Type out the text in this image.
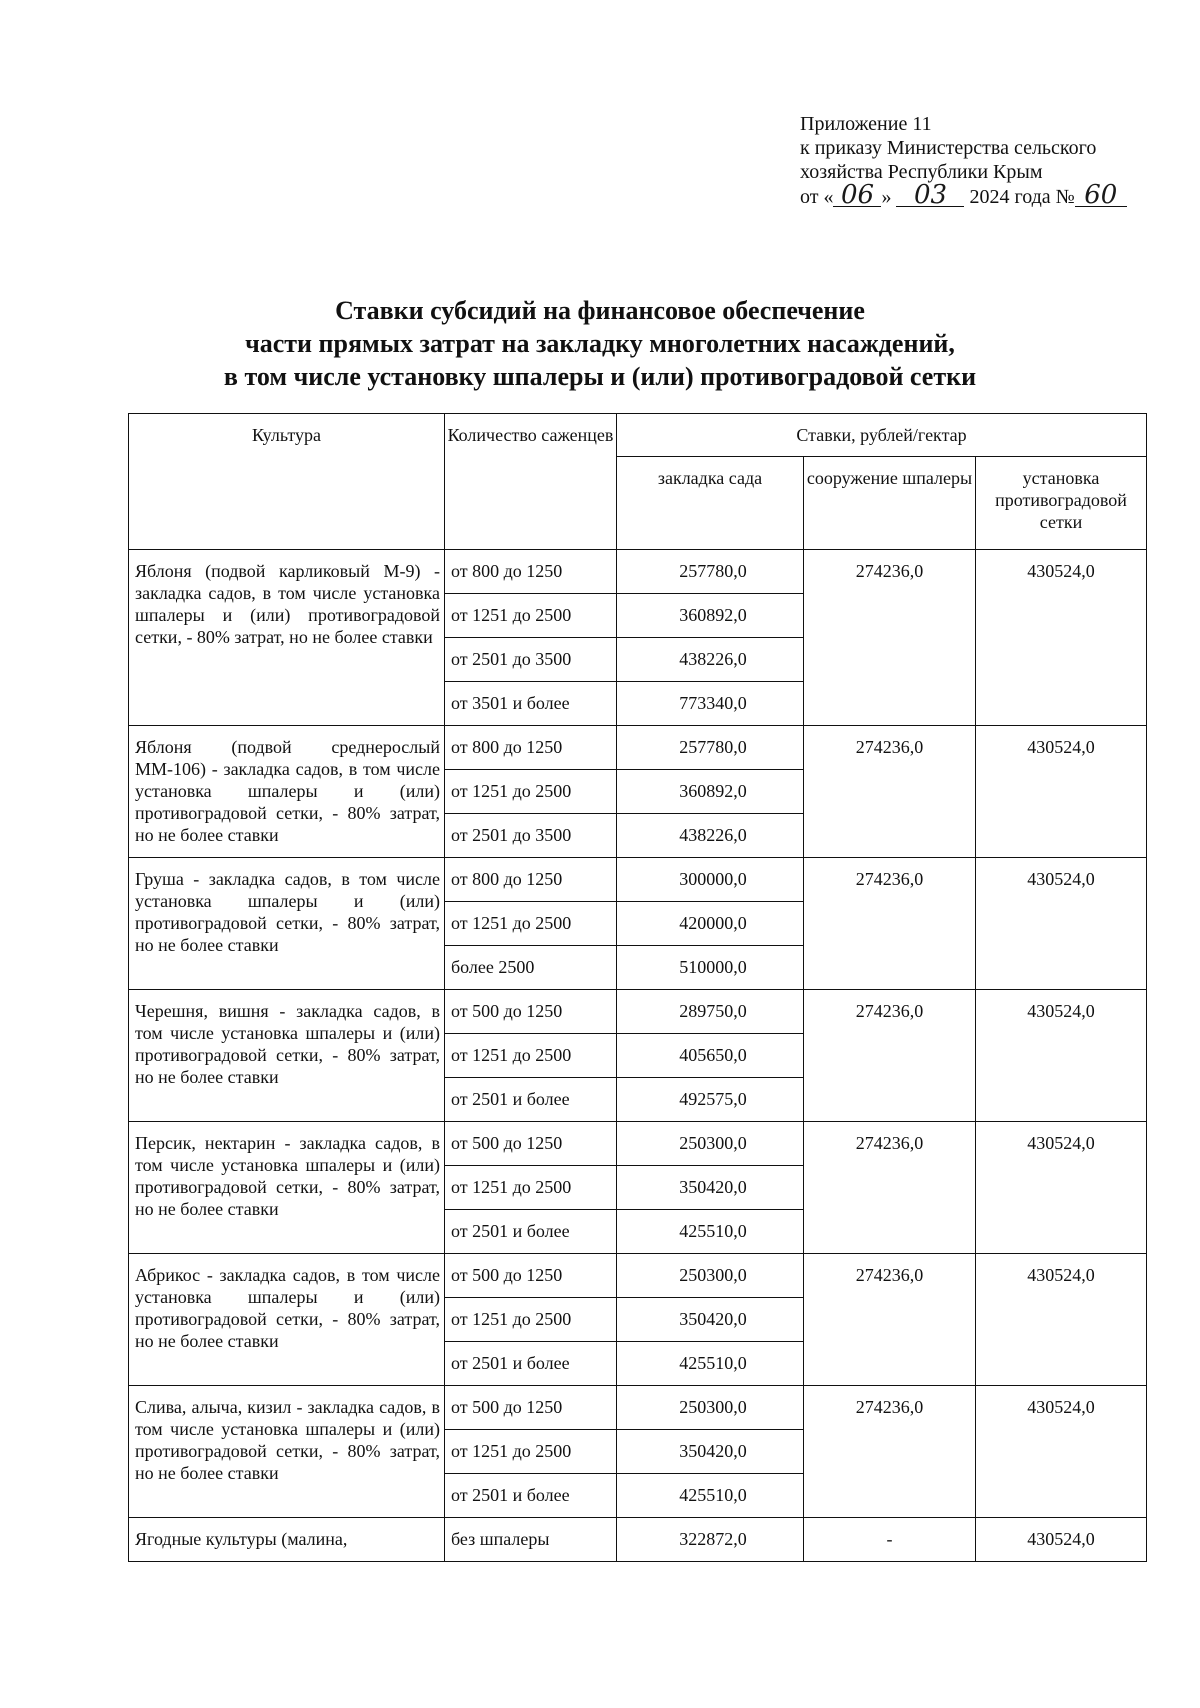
Приложение 11
к приказу Министерства сельского
хозяйства Республики Крым
от « 06 » 03 2024 года № 60
Ставки субсидий на финансовое обеспечение
части прямых затрат на закладку многолетних насаждений,
в том числе установку шпалеры и (или) противоградовой сетки
Культура	Количество саженцев	Ставки, рублей/гектар		
		закладка сада	сооружение шпалеры	установка противоградовой сетки
Яблоня (подвой карликовый М-9) - закладка садов, в том числе установка шпалеры и (или) противоградовой сетки, - 80% затрат, но не более ставки	от 800 до 1250	257780,0	274236,0	430524,0
	от 1251 до 2500	360892,0		
	от 2501 до 3500	438226,0		
	от 3501 и более	773340,0		
Яблоня (подвой среднерослый ММ-106) - закладка садов, в том числе установка шпалеры и (или) противоградовой сетки, - 80% затрат, но не более ставки	от 800 до 1250	257780,0	274236,0	430524,0
	от 1251 до 2500	360892,0		
	от 2501 до 3500	438226,0		
Груша - закладка садов, в том числе установка шпалеры и (или) противоградовой сетки, - 80% затрат, но не более ставки	от 800 до 1250	300000,0	274236,0	430524,0
	от 1251 до 2500	420000,0		
	более 2500	510000,0		
Черешня, вишня - закладка садов, в том числе установка шпалеры и (или) противоградовой сетки, - 80% затрат, но не более ставки	от 500 до 1250	289750,0	274236,0	430524,0
	от 1251 до 2500	405650,0		
	от 2501 и более	492575,0		
Персик, нектарин - закладка садов, в том числе установка шпалеры и (или) противоградовой сетки, - 80% затрат, но не более ставки	от 500 до 1250	250300,0	274236,0	430524,0
	от 1251 до 2500	350420,0		
	от 2501 и более	425510,0		
Абрикос - закладка садов, в том числе установка шпалеры и (или) противоградовой сетки, - 80% затрат, но не более ставки	от 500 до 1250	250300,0	274236,0	430524,0
	от 1251 до 2500	350420,0		
	от 2501 и более	425510,0		
Слива, алыча, кизил - закладка садов, в том числе установка шпалеры и (или) противоградовой сетки, - 80% затрат, но не более ставки	от 500 до 1250	250300,0	274236,0	430524,0
	от 1251 до 2500	350420,0		
	от 2501 и более	425510,0		
Ягодные культуры (малина,	без шпалеры	322872,0	-	430524,0
